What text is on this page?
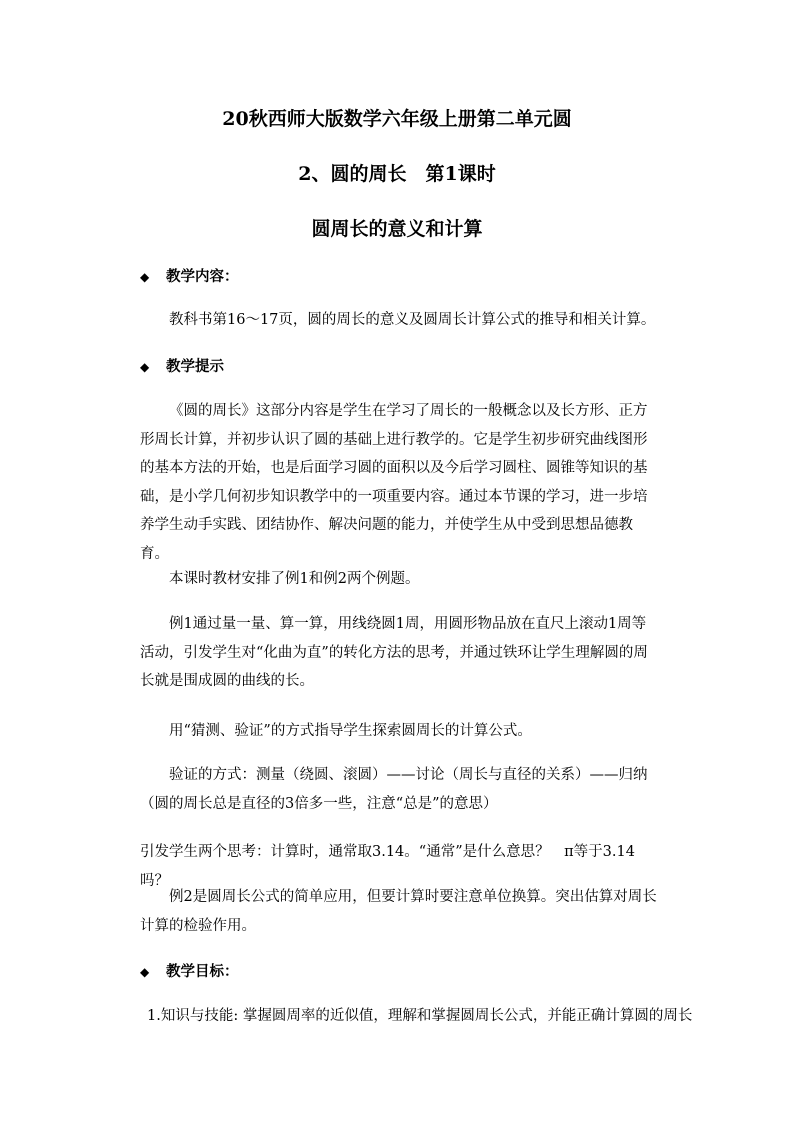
20秋西师大版数学六年级上册第二单元圆
2、圆的周长　第1课时
圆周长的意义和计算
◆ 教学内容：
教科书第16～17页，圆的周长的意义及圆周长计算公式的推导和相关计算。
◆ 教学提示
《圆的周长》这部分内容是学生在学习了周长的一般概念以及长方形、正方形周长计算，并初步认识了圆的基础上进行教学的。它是学生初步研究曲线图形的基本方法的开始，也是后面学习圆的面积以及今后学习圆柱、圆锥等知识的基础，是小学几何初步知识教学中的一项重要内容。通过本节课的学习，进一步培养学生动手实践、团结协作、解决问题的能力，并使学生从中受到思想品德教育。
本课时教材安排了例1和例2两个例题。
例1通过量一量、算一算，用线绕圆1周，用圆形物品放在直尺上滚动1周等活动，引发学生对“化曲为直”的转化方法的思考，并通过铁环让学生理解圆的周长就是围成圆的曲线的长。
用“猜测、验证”的方式指导学生探索圆周长的计算公式。
验证的方式：测量（绕圆、滚圆）——讨论（周长与直径的关系）——归纳（圆的周长总是直径的3倍多一些，注意“总是”的意思）
引发学生两个思考：计算时，通常取3.14。“通常”是什么意思？　π等于3.14吗？
例2是圆周长公式的简单应用，但要计算时要注意单位换算。突出估算对周长计算的检验作用。
◆ 教学目标：
1.知识与技能: 掌握圆周率的近似值，理解和掌握圆周长公式，并能正确计算圆的周长
